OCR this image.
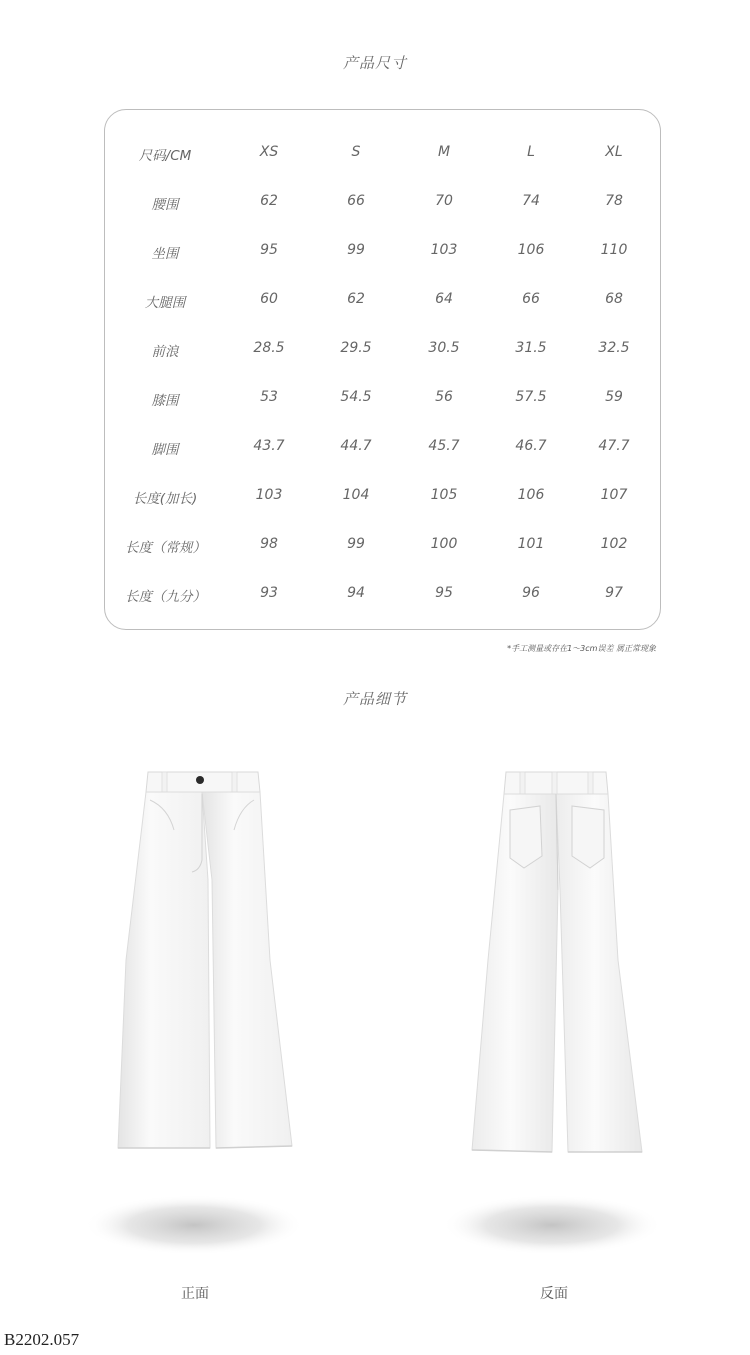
产品尺寸
尺码/CM	XS	S	M	L	XL
腰围	62	66	70	74	78
坐围	95	99	103	106	110
大腿围	60	62	64	66	68
前浪	28.5	29.5	30.5	31.5	32.5
膝围	53	54.5	56	57.5	59
脚围	43.7	44.7	45.7	46.7	47.7
长度(加长)	103	104	105	106	107
长度（常规）	98	99	100	101	102
长度（九分）	93	94	95	96	97
*手工测量或存在1～3cm误差 属正常现象
产品细节
正面	反面
B2202.057
